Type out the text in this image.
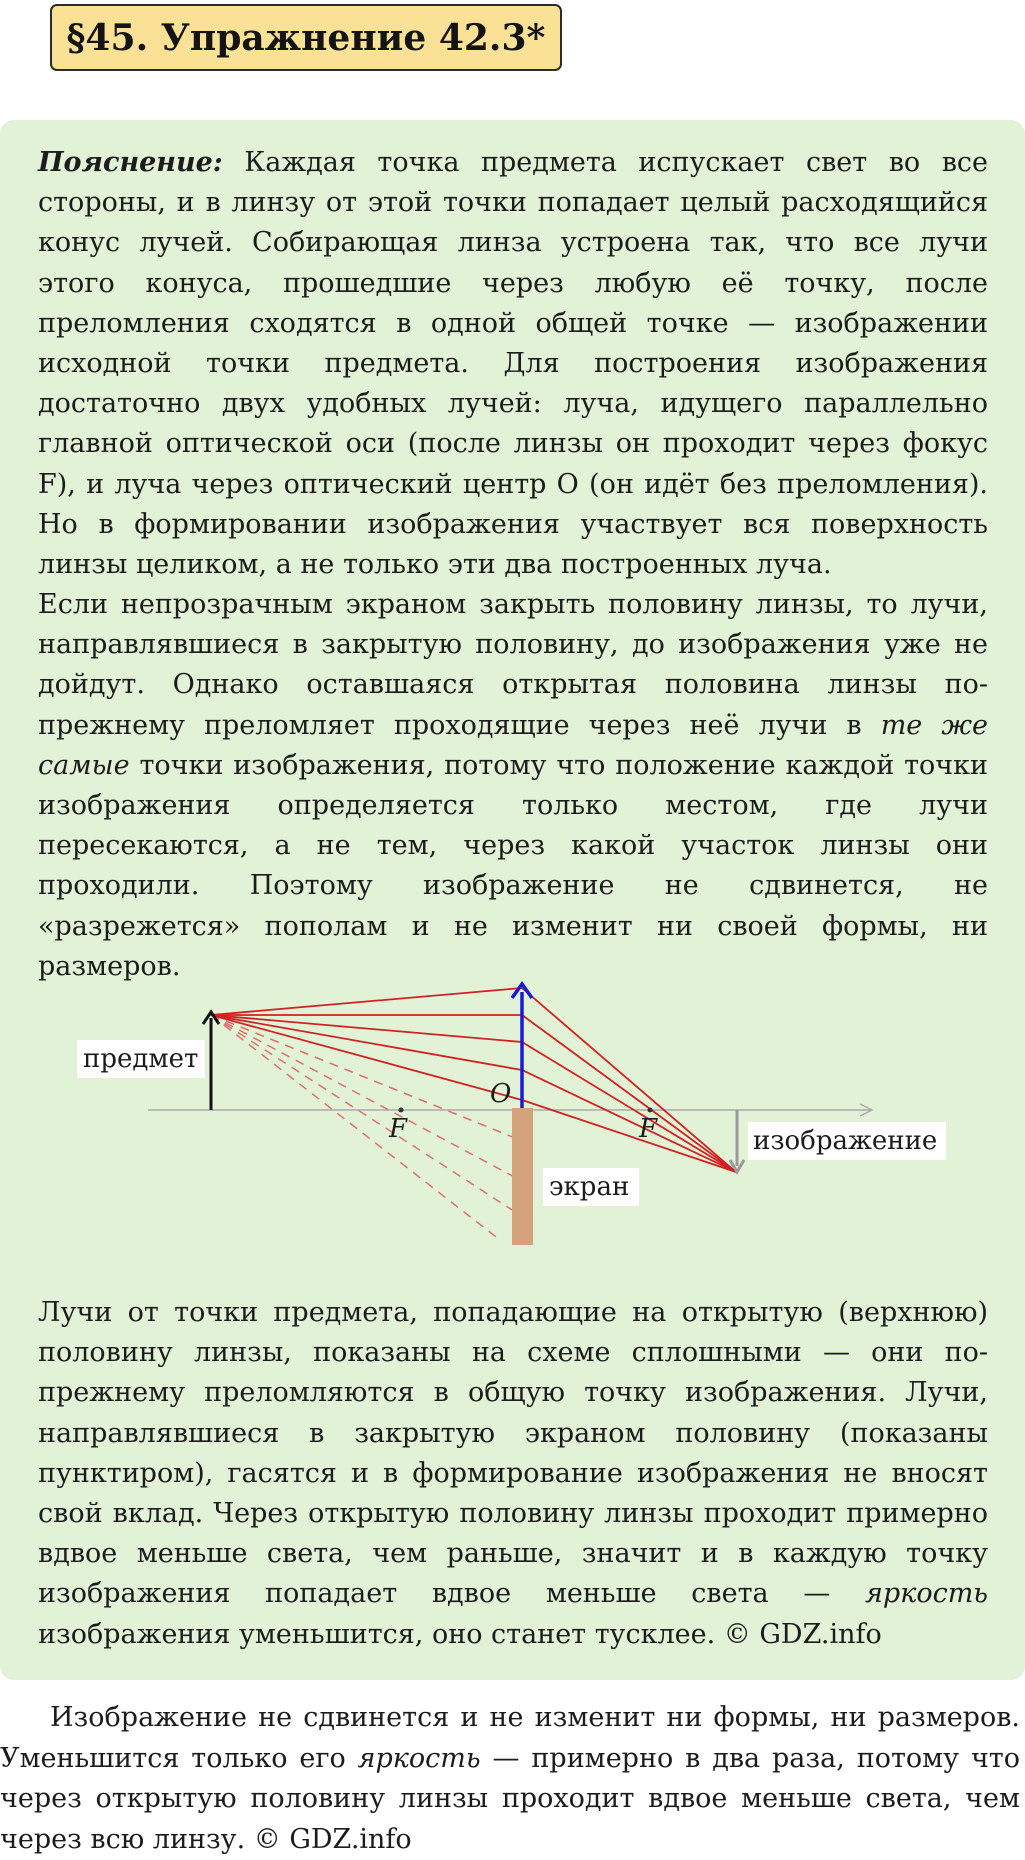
§45. Упражнение 42.3*

Пояснение: Каждая точка предмета испускает свет во все стороны, и в линзу от этой точки попадает целый расходящийся конус лучей. Собирающая линза устроена так, что все лучи этого конуса, прошедшие через любую её точку, после преломления сходятся в одной общей точке — изображении исходной точки предмета. Для построения изображения достаточно двух удобных лучей: луча, идущего параллельно главной оптической оси (после линзы он проходит через фокус F), и луча через оптический центр O (он идёт без преломления). Но в формировании изображения участвует вся поверхность линзы целиком, а не только эти два построенных луча.

Если непрозрачным экраном закрыть половину линзы, то лучи, направлявшиеся в закрытую половину, до изображения уже не дойдут. Однако оставшаяся открытая половина линзы по-прежнему преломляет проходящие через неё лучи в те же самые точки изображения, потому что положение каждой точки изображения определяется только местом, где лучи пересекаются, а не тем, через какой участок линзы они проходили. Поэтому изображение не сдвинется, не «разрежется» пополам и не изменит ни своей формы, ни размеров.

предмет
O
F	F
экран
изображение

Лучи от точки предмета, попадающие на открытую (верхнюю) половину линзы, показаны на схеме сплошными — они по-прежнему преломляются в общую точку изображения. Лучи, направлявшиеся в закрытую экраном половину (показаны пунктиром), гасятся и в формирование изображения не вносят свой вклад. Через открытую половину линзы проходит примерно вдвое меньше света, чем раньше, значит и в каждую точку изображения попадает вдвое меньше света — яркость изображения уменьшится, оно станет тусклее. © GDZ.info

Изображение не сдвинется и не изменит ни формы, ни размеров. Уменьшится только его яркость — примерно в два раза, потому что через открытую половину линзы проходит вдвое меньше света, чем через всю линзу. © GDZ.info
